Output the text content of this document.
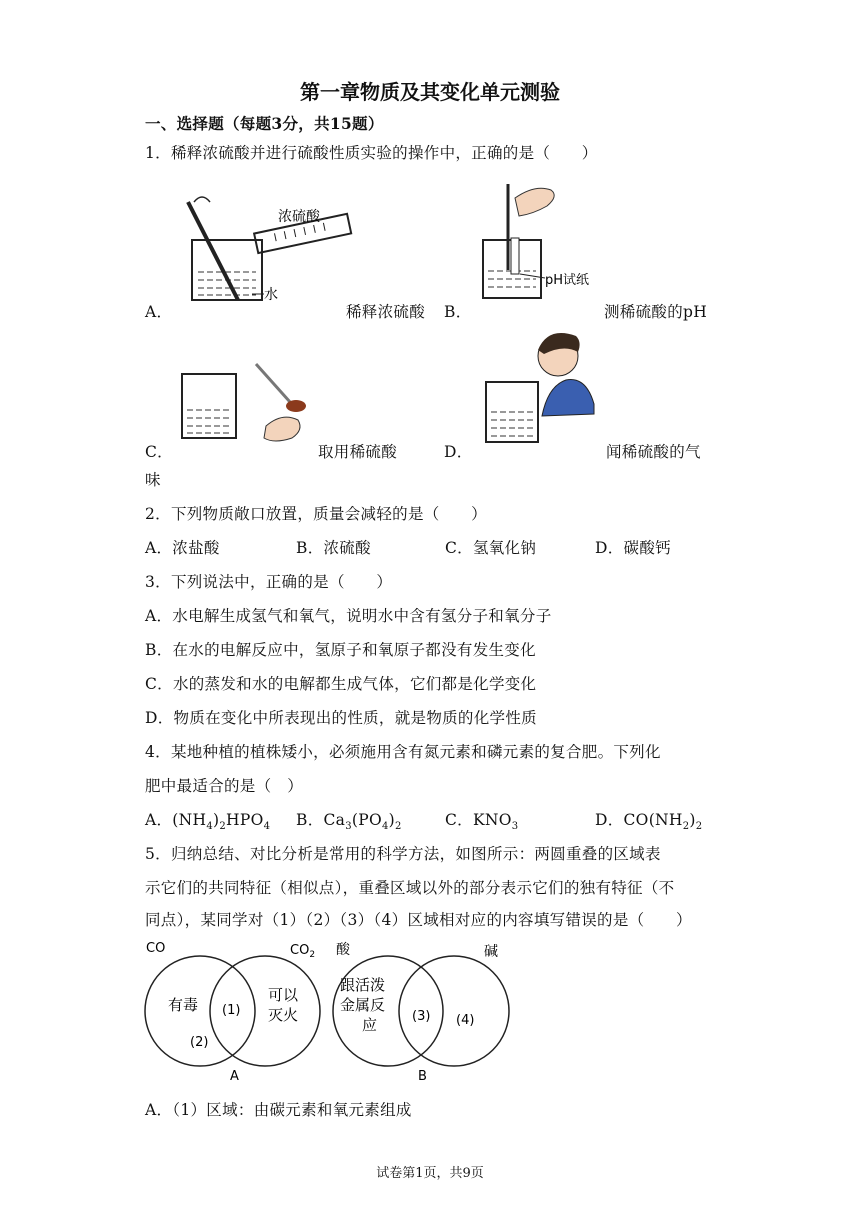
第一章物质及其变化单元测验
一、选择题（每题3分，共15题）
1．稀释浓硫酸并进行硫酸性质实验的操作中，正确的是（　　）
浓硫酸
水
A．	稀释浓硫酸
pH试纸
B．	测稀硫酸的pH
C．	取用稀硫酸	D．	闻稀硫酸的气
味
2．下列物质敞口放置，质量会减轻的是（　　）
A．浓盐酸	B．浓硫酸	C．氢氧化钠	D．碳酸钙
3．下列说法中，正确的是（　　）
A．水电解生成氢气和氧气，说明水中含有氢分子和氧分子
B．在水的电解反应中，氢原子和氧原子都没有发生变化
C．水的蒸发和水的电解都生成气体，它们都是化学变化
D．物质在变化中所表现出的性质，就是物质的化学性质
4．某地种植的植株矮小，必须施用含有氮元素和磷元素的复合肥。下列化
肥中最适合的是（　）
A．$(NH_4)_2HPO_4$ B．$Ca_3(PO_4)_2$	C．$KNO_3$	D．$CO(NH_2)_2$
5．归纳总结、对比分析是常用的科学方法，如图所示：两圆重叠的区域表
示它们的共同特征（相似点），重叠区域以外的部分表示它们的独有特征（不
同点），某同学对（1）（2）（3）（4）区域相对应的内容填写错误的是（　　）
CO	$CO_2$
有毒
可以
灭火
(1)
(2)
A
酸	碱
跟活泼
金属反
应	(3) (4)
B
A．（1）区域：由碳元素和氧元素组成
试卷第1页，共9页
